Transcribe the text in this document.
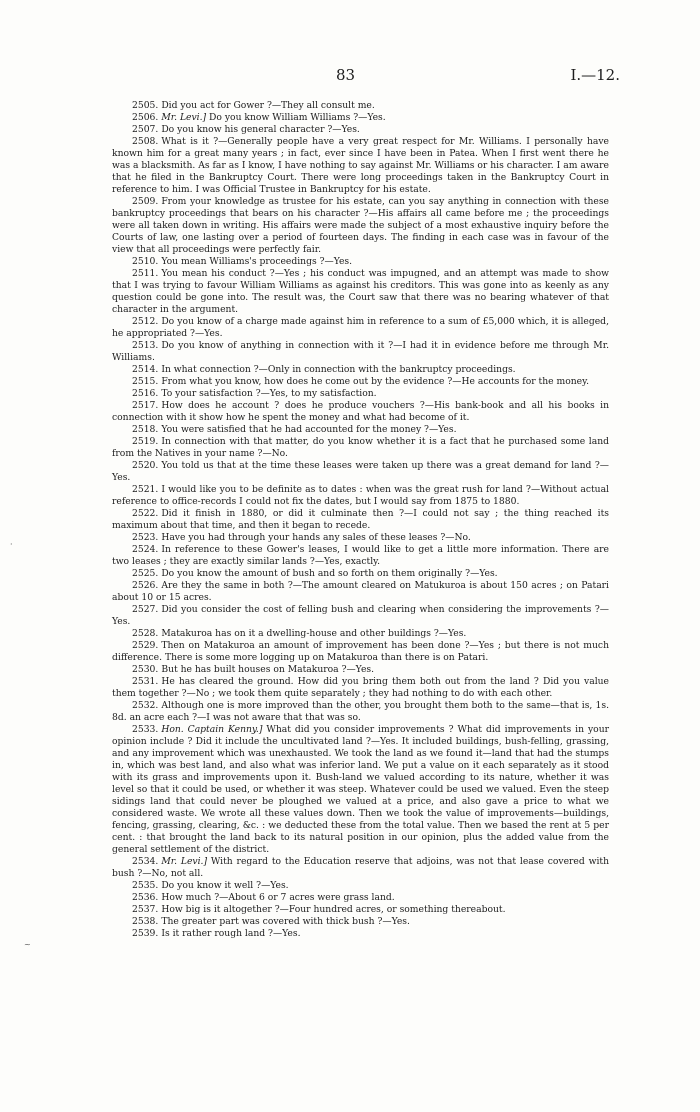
83	I.—12.

2505. Did you act for Gower ?—They all consult me.

2506. Mr. Levi.] Do you know William Williams ?—Yes.

2507. Do you know his general character ?—Yes.

2508. What is it ?—Generally people have a very great respect for Mr. Williams. I personally have known him for a great many years ; in fact, ever since I have been in Patea. When I first went there he was a blacksmith. As far as I know, I have nothing to say against Mr. Williams or his character. I am aware that he filed in the Bankruptcy Court. There were long proceedings taken in the Bankruptcy Court in reference to him. I was Official Trustee in Bankruptcy for his estate.

2509. From your knowledge as trustee for his estate, can you say anything in connection with these bankruptcy proceedings that bears on his character ?—His affairs all came before me ; the proceedings were all taken down in writing. His affairs were made the subject of a most exhaustive inquiry before the Courts of law, one lasting over a period of fourteen days. The finding in each case was in favour of the view that all proceedings were perfectly fair.

2510. You mean Williams's proceedings ?—Yes.

2511. You mean his conduct ?—Yes ; his conduct was impugned, and an attempt was made to show that I was trying to favour William Williams as against his creditors. This was gone into as keenly as any question could be gone into. The result was, the Court saw that there was no bearing whatever of that character in the argument.

2512. Do you know of a charge made against him in reference to a sum of £5,000 which, it is alleged, he appropriated ?—Yes.

2513. Do you know of anything in connection with it ?—I had it in evidence before me through Mr. Williams.

2514. In what connection ?—Only in connection with the bankruptcy proceedings.

2515. From what you know, how does he come out by the evidence ?—He accounts for the money.

2516. To your satisfaction ?—Yes, to my satisfaction.

2517. How does he account ? does he produce vouchers ?—His bank-book and all his books in connection with it show how he spent the money and what had become of it.

2518. You were satisfied that he had accounted for the money ?—Yes.

2519. In connection with that matter, do you know whether it is a fact that he purchased some land from the Natives in your name ?—No.

2520. You told us that at the time these leases were taken up there was a great demand for land ?—Yes.

2521. I would like you to be definite as to dates : when was the great rush for land ?—Without actual reference to office-records I could not fix the dates, but I would say from 1875 to 1880.

2522. Did it finish in 1880, or did it culminate then ?—I could not say ; the thing reached its maximum about that time, and then it began to recede.

2523. Have you had through your hands any sales of these leases ?—No.

2524. In reference to these Gower's leases, I would like to get a little more information. There are two leases ; they are exactly similar lands ?—Yes, exactly.

2525. Do you know the amount of bush and so forth on them originally ?—Yes.

2526. Are they the same in both ?—The amount cleared on Matukuroa is about 150 acres ; on Patari about 10 or 15 acres.

2527. Did you consider the cost of felling bush and clearing when considering the improvements ?—Yes.

2528. Matakuroa has on it a dwelling-house and other buildings ?—Yes.

2529. Then on Matakuroa an amount of improvement has been done ?—Yes ; but there is not much difference. There is some more logging up on Matakuroa than there is on Patari.

2530. But he has built houses on Matakuroa ?—Yes.

2531. He has cleared the ground. How did you bring them both out from the land ? Did you value them together ?—No ; we took them quite separately ; they had nothing to do with each other.

2532. Although one is more improved than the other, you brought them both to the same—that is, 1s. 8d. an acre each ?—I was not aware that that was so.

2533. Hon. Captain Kenny.] What did you consider improvements ? What did improvements in your opinion include ? Did it include the uncultivated land ?—Yes. It included buildings, bush-felling, grassing, and any improvement which was unexhausted. We took the land as we found it—land that had the stumps in, which was best land, and also what was inferior land. We put a value on it each separately as it stood with its grass and improvements upon it. Bush-land we valued according to its nature, whether it was level so that it could be used, or whether it was steep. Whatever could be used we valued. Even the steep sidings land that could never be ploughed we valued at a price, and also gave a price to what we considered waste. We wrote all these values down. Then we took the value of improvements—buildings, fencing, grassing, clearing, &c. : we deducted these from the total value. Then we based the rent at 5 per cent. : that brought the land back to its natural position in our opinion, plus the added value from the general settlement of the district.

2534. Mr. Levi.] With regard to the Education reserve that adjoins, was not that lease covered with bush ?—No, not all.

2535. Do you know it well ?—Yes.

2536. How much ?—About 6 or 7 acres were grass land.

2537. How big is it altogether ?—Four hundred acres, or something thereabout.

2538. The greater part was covered with thick bush ?—Yes.

2539. Is it rather rough land ?—Yes.

·
~
